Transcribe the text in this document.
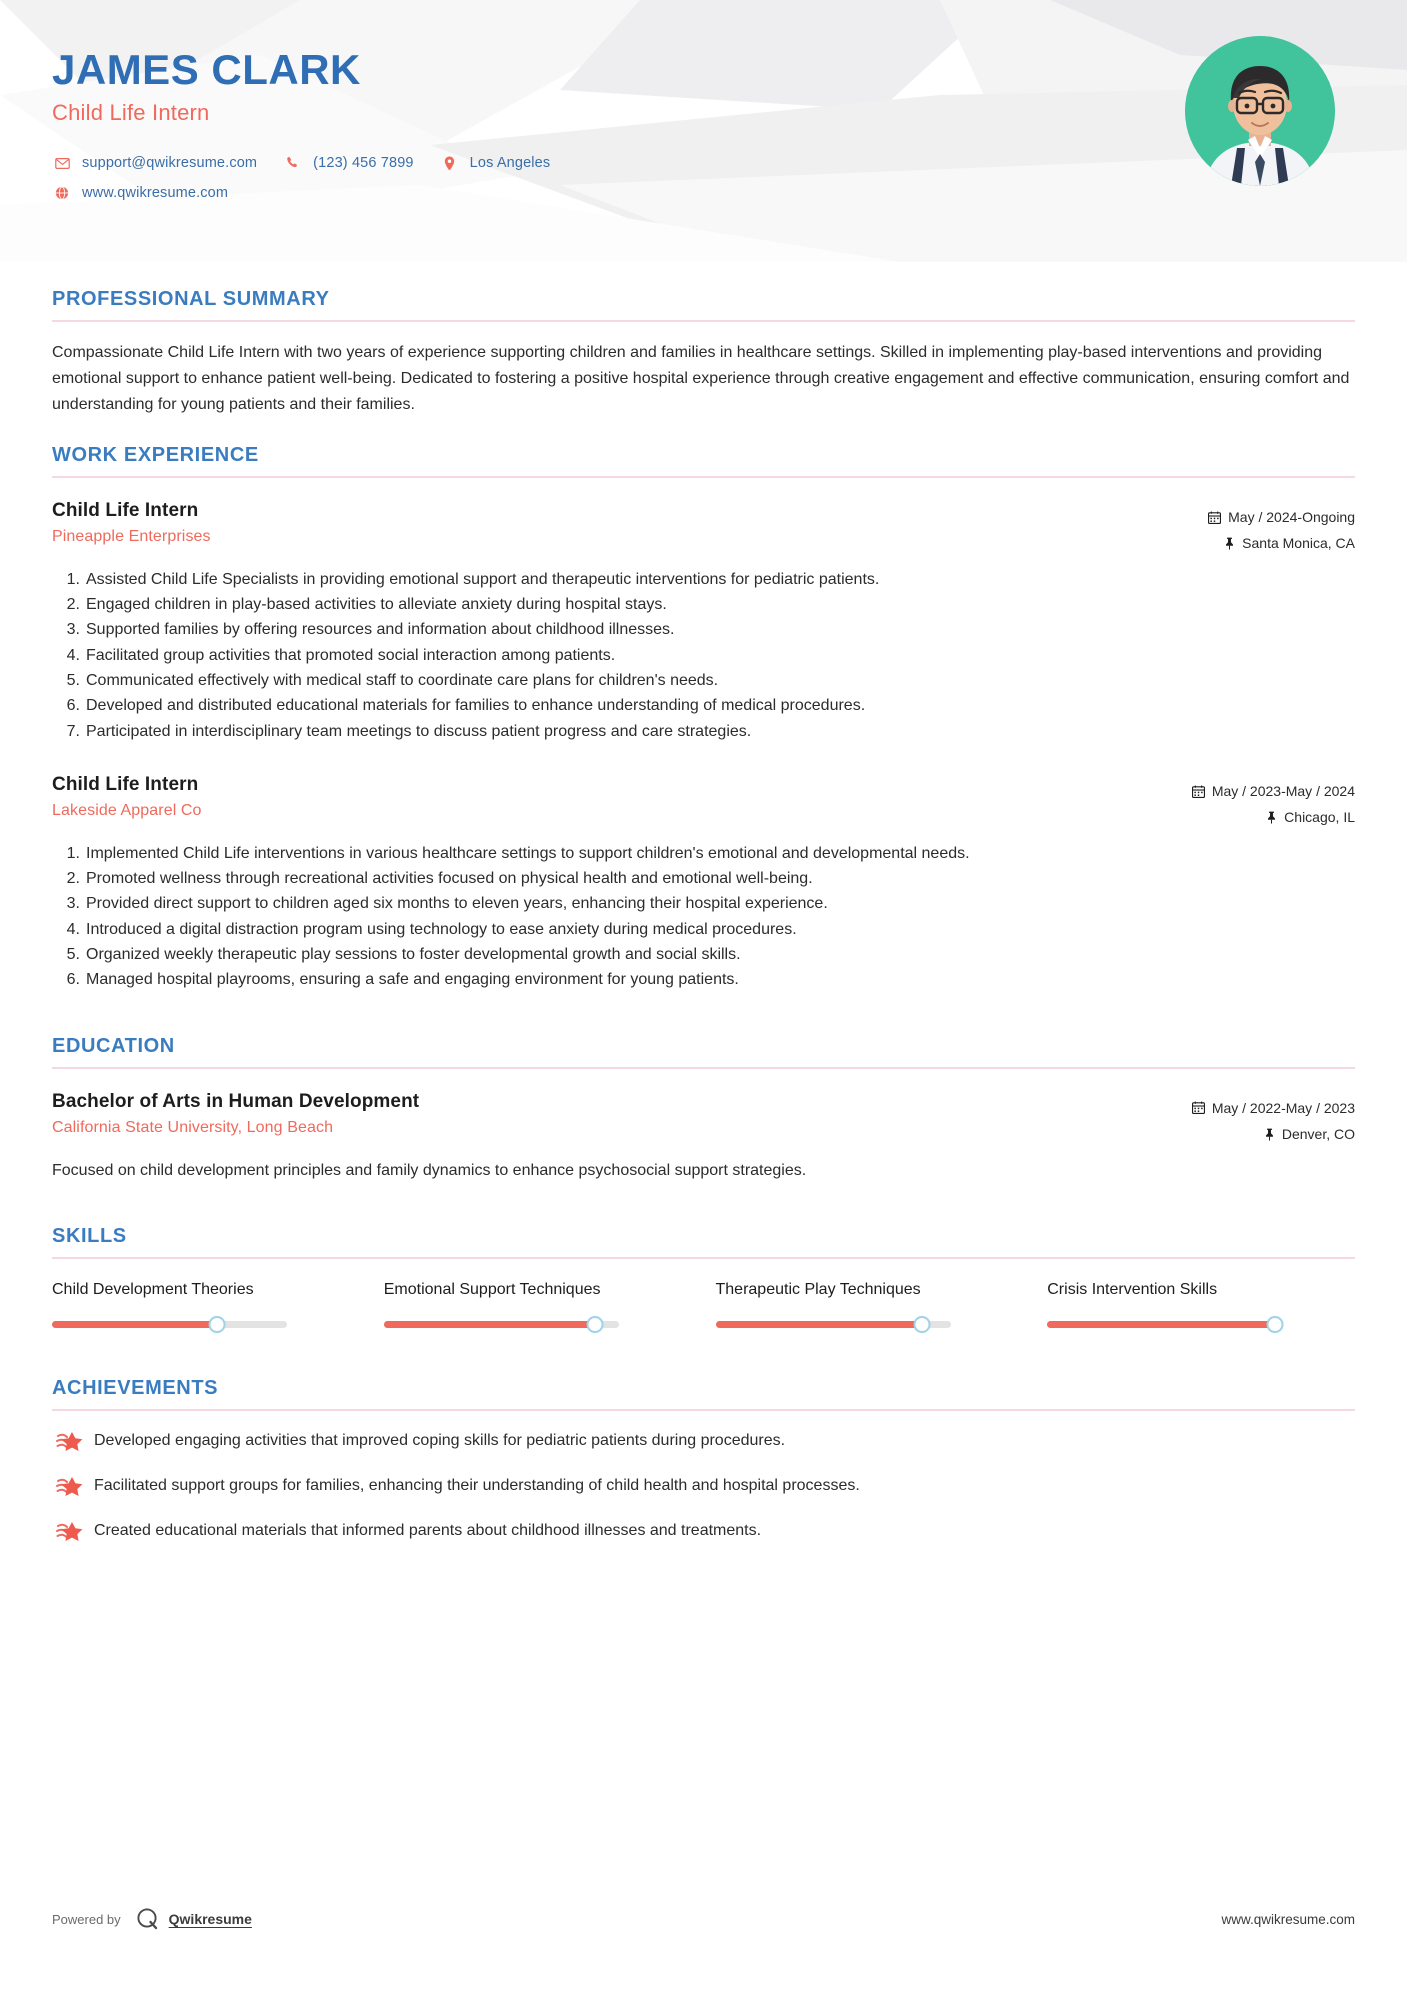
JAMES CLARK
Child Life Intern
support@qwikresume.com	(123) 456 7899	Los Angeles
www.qwikresume.com
PROFESSIONAL SUMMARY
Compassionate Child Life Intern with two years of experience supporting children and families in healthcare settings. Skilled in implementing play-based interventions and providing emotional support to enhance patient well-being. Dedicated to fostering a positive hospital experience through creative engagement and effective communication, ensuring comfort and understanding for young patients and their families.
WORK EXPERIENCE
Child Life Intern
Pineapple Enterprises
May / 2024-Ongoing
Santa Monica, CA
Assisted Child Life Specialists in providing emotional support and therapeutic interventions for pediatric patients.
Engaged children in play-based activities to alleviate anxiety during hospital stays.
Supported families by offering resources and information about childhood illnesses.
Facilitated group activities that promoted social interaction among patients.
Communicated effectively with medical staff to coordinate care plans for children's needs.
Developed and distributed educational materials for families to enhance understanding of medical procedures.
Participated in interdisciplinary team meetings to discuss patient progress and care strategies.
Child Life Intern
Lakeside Apparel Co
May / 2023-May / 2024
Chicago, IL
Implemented Child Life interventions in various healthcare settings to support children's emotional and developmental needs.
Promoted wellness through recreational activities focused on physical health and emotional well-being.
Provided direct support to children aged six months to eleven years, enhancing their hospital experience.
Introduced a digital distraction program using technology to ease anxiety during medical procedures.
Organized weekly therapeutic play sessions to foster developmental growth and social skills.
Managed hospital playrooms, ensuring a safe and engaging environment for young patients.
EDUCATION
Bachelor of Arts in Human Development
California State University, Long Beach
May / 2022-May / 2023
Denver, CO
Focused on child development principles and family dynamics to enhance psychosocial support strategies.
SKILLS
Child Development Theories	Emotional Support Techniques	Therapeutic Play Techniques	Crisis Intervention Skills
ACHIEVEMENTS
Developed engaging activities that improved coping skills for pediatric patients during procedures.
Facilitated support groups for families, enhancing their understanding of child health and hospital processes.
Created educational materials that informed parents about childhood illnesses and treatments.
Powered by	Qwikresume	www.qwikresume.com
